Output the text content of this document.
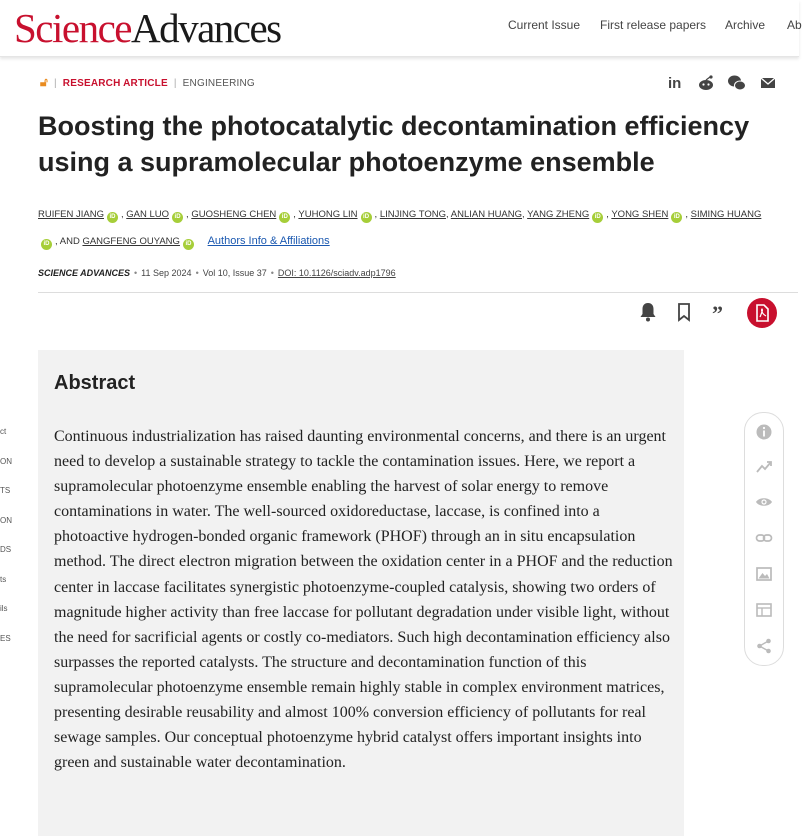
ScienceAdvances	Current Issue First release papers Archive Ab
🔓︎ | RESEARCH ARTICLE | ENGINEERING	in
Boosting the photocatalytic decontamination efficiency using a supramolecular photoenzyme ensemble
RUIFEN JIANG iD , GAN LUO iD , GUOSHENG CHEN iD , YUHONG LIN iD , LINJING TONG, ANLIAN HUANG, YANG ZHENG iD , YONG SHEN iD , SIMING HUANGiD , AND GANGFENG OUYANG iD Authors Info & Affiliations
SCIENCE ADVANCES • 11 Sep 2024 • Vol 10, Issue 37 • DOI: 10.1126/sciadv.adp1796
”
ct
ON
TS
ON
DS
ts
ils
ES
Abstract

Continuous industrialization has raised daunting environmental concerns, and there is an urgent need to develop a sustainable strategy to tackle the contamination issues. Here, we report a supramolecular photoenzyme ensemble enabling the harvest of solar energy to remove contaminations in water. The well-sourced oxidoreductase, laccase, is confined into a photoactive hydrogen-bonded organic framework (PHOF) through an in situ encapsulation method. The direct electron migration between the oxidation center in a PHOF and the reduction center in laccase facilitates synergistic photoenzyme-coupled catalysis, showing two orders of magnitude higher activity than free laccase for pollutant degradation under visible light, without the need for sacrificial agents or costly co-mediators. Such high decontamination efficiency also surpasses the reported catalysts. The structure and decontamination function of this supramolecular photoenzyme ensemble remain highly stable in complex environment matrices, presenting desirable reusability and almost 100% conversion efficiency of pollutants for real sewage samples. Our conceptual photoenzyme hybrid catalyst offers important insights into green and sustainable water decontamination.
